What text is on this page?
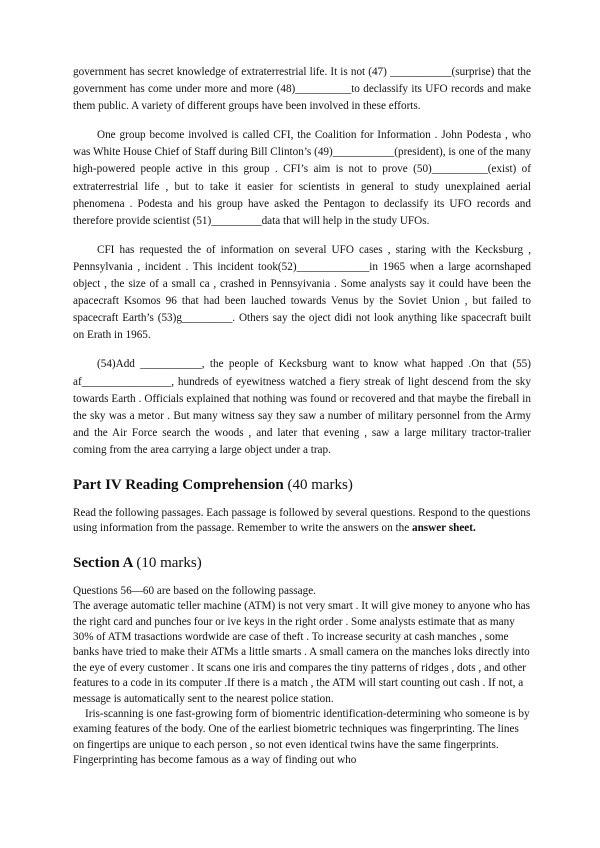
government has secret knowledge of extraterrestrial life. It is not (47) ___________(surprise) that the government has come under more and more (48)__________to declassify its UFO records and make them public. A variety of different groups have been involved in these efforts.

One group become involved is called CFI, the Coalition for Information . John Podesta , who was White House Chief of Staff during Bill Clinton’s (49)___________(president), is one of the many high-powered people active in this group . CFI’s aim is not to prove (50)__________(exist) of extraterrestrial life , but to take it easier for scientists in general to study unexplained aerial phenomena . Podesta and his group have asked the Pentagon to declassify its UFO records and therefore provide scientist (51)_________data that will help in the study UFOs.

CFI has requested the of information on several UFO cases , staring with the Kecksburg , Pennsylvania , incident . This incident took(52)_____________in 1965 when a large acornshaped object , the size of a small ca , crashed in Pennsyivania . Some analysts say it could have been the apacecraft Ksomos 96 that had been lauched towards Venus by the Soviet Union , but failed to spacecraft Earth’s (53)g_________. Others say the oject didi not look anything like spacecraft built on Erath in 1965.

(54)Add ___________, the people of Kecksburg want to know what happed .On that (55) af________________, hundreds of eyewitness watched a fiery streak of light descend from the sky towards Earth . Officials explained that nothing was found or recovered and that maybe the fireball in the sky was a metor . But many witness say they saw a number of military personnel from the Army and the Air Force search the woods , and later that evening , saw a large military tractor-tralier coming from the area carrying a large object under a trap.

Part IV Reading Comprehension (40 marks)

Read the following passages. Each passage is followed by several questions. Respond to the questions using information from the passage. Remember to write the answers on the answer sheet.

Section A (10 marks)

Questions 56—60 are based on the following passage.

The average automatic teller machine (ATM) is not very smart . It will give money to anyone who has the right card and punches four or ive keys in the right order . Some analysts estimate that as many 30% of ATM trasactions wordwide are case of theft . To increase security at cash manches , some banks have tried to make their ATMs a little smarts . A small camera on the manches loks directly into the eye of every customer . It scans one iris and compares the tiny patterns of ridges , dots , and other features to a code in its computer .If there is a match , the ATM will start counting out cash . If not, a message is automatically sent to the nearest police station.

Iris-scanning is one fast-growing form of biomentric identification-determining who someone is by examing features of the body. One of the earliest biometric techniques was fingerprinting. The lines on fingertips are unique to each person , so not even identical twins have the same fingerprints. Fingerprinting has become famous as a way of finding out who
